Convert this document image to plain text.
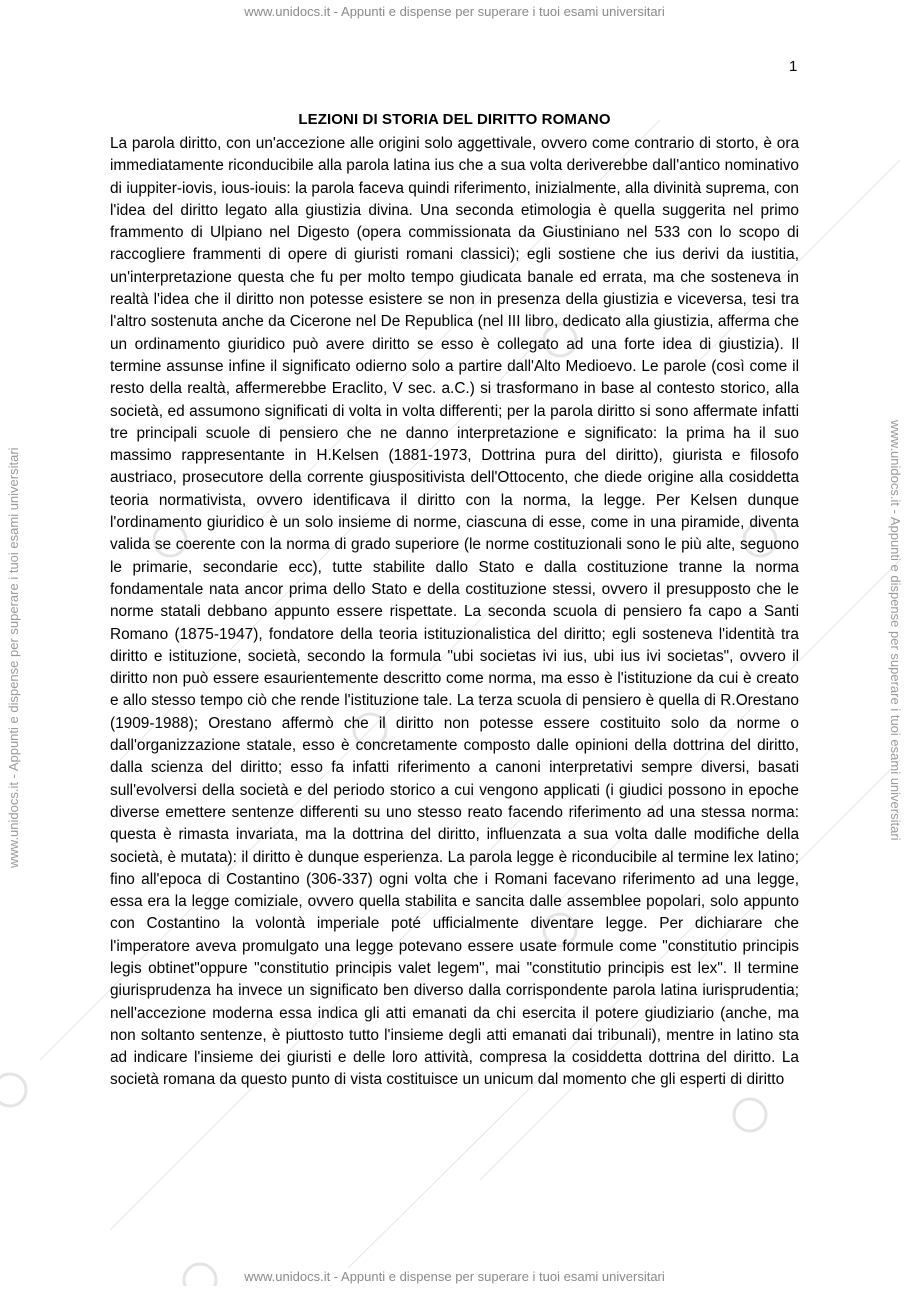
www.unidocs.it - Appunti e dispense per superare i tuoi esami universitari
www.unidocs.it - Appunti e dispense per superare i tuoi esami universitari	www.unidocs.it - Appunti e dispense per superare i tuoi esami universitari
1
LEZIONI DI STORIA DEL DIRITTO ROMANO

La parola diritto, con un'accezione alle origini solo aggettivale, ovvero come contrario di storto, è ora immediatamente riconducibile alla parola latina ius che a sua volta deriverebbe dall'antico nominativo di iuppiter-iovis, ious-iouis: la parola faceva quindi riferimento, inizialmente, alla divinità suprema, con l'idea del diritto legato alla giustizia divina. Una seconda etimologia è quella suggerita nel primo frammento di Ulpiano nel Digesto (opera commissionata da Giustiniano nel 533 con lo scopo di raccogliere frammenti di opere di giuristi romani classici); egli sostiene che ius derivi da iustitia, un'interpretazione questa che fu per molto tempo giudicata banale ed errata, ma che sosteneva in realtà l'idea che il diritto non potesse esistere se non in presenza della giustizia e viceversa, tesi tra l'altro sostenuta anche da Cicerone nel De Republica (nel III libro, dedicato alla giustizia, afferma che un ordinamento giuridico può avere diritto se esso è collegato ad una forte idea di giustizia). Il termine assunse infine il significato odierno solo a partire dall'Alto Medioevo. Le parole (così come il resto della realtà, affermerebbe Eraclito, V sec. a.C.) si trasformano in base al contesto storico, alla società, ed assumono significati di volta in volta differenti; per la parola diritto si sono affermate infatti tre principali scuole di pensiero che ne danno interpretazione e significato: la prima ha il suo massimo rappresentante in H.Kelsen (1881-1973, Dottrina pura del diritto), giurista e filosofo austriaco, prosecutore della corrente giuspositivista dell'Ottocento, che diede origine alla cosiddetta teoria normativista, ovvero identificava il diritto con la norma, la legge. Per Kelsen dunque l'ordinamento giuridico è un solo insieme di norme, ciascuna di esse, come in una piramide, diventa valida se coerente con la norma di grado superiore (le norme costituzionali sono le più alte, seguono le primarie, secondarie ecc), tutte stabilite dallo Stato e dalla costituzione tranne la norma fondamentale nata ancor prima dello Stato e della costituzione stessi, ovvero il presupposto che le norme statali debbano appunto essere rispettate. La seconda scuola di pensiero fa capo a Santi Romano (1875-1947), fondatore della teoria istituzionalistica del diritto; egli sosteneva l'identità tra diritto e istituzione, società, secondo la formula "ubi societas ivi ius, ubi ius ivi societas", ovvero il diritto non può essere esaurientemente descritto come norma, ma esso è l'istituzione da cui è creato e allo stesso tempo ciò che rende l'istituzione tale. La terza scuola di pensiero è quella di R.Orestano (1909-1988); Orestano affermò che il diritto non potesse essere costituito solo da norme o dall'organizzazione statale, esso è concretamente composto dalle opinioni della dottrina del diritto, dalla scienza del diritto; esso fa infatti riferimento a canoni interpretativi sempre diversi, basati sull'evolversi della società e del periodo storico a cui vengono applicati (i giudici possono in epoche diverse emettere sentenze differenti su uno stesso reato facendo riferimento ad una stessa norma: questa è rimasta invariata, ma la dottrina del diritto, influenzata a sua volta dalle modifiche della società, è mutata): il diritto è dunque esperienza. La parola legge è riconducibile al termine lex latino; fino all'epoca di Costantino (306-337) ogni volta che i Romani facevano riferimento ad una legge, essa era la legge comiziale, ovvero quella stabilita e sancita dalle assemblee popolari, solo appunto con Costantino la volontà imperiale poté ufficialmente diventare legge. Per dichiarare che l'imperatore aveva promulgato una legge potevano essere usate formule come "constitutio principis legis obtinet"oppure "constitutio principis valet legem", mai "constitutio principis est lex". Il termine giurisprudenza ha invece un significato ben diverso dalla corrispondente parola latina iurisprudentia; nell'accezione moderna essa indica gli atti emanati da chi esercita il potere giudiziario (anche, ma non soltanto sentenze, è piuttosto tutto l'insieme degli atti emanati dai tribunali), mentre in latino sta ad indicare l'insieme dei giuristi e delle loro attività, compresa la cosiddetta dottrina del diritto. La società romana da questo punto di vista costituisce un unicum dal momento che gli esperti di diritto

www.unidocs.it - Appunti e dispense per superare i tuoi esami universitari
